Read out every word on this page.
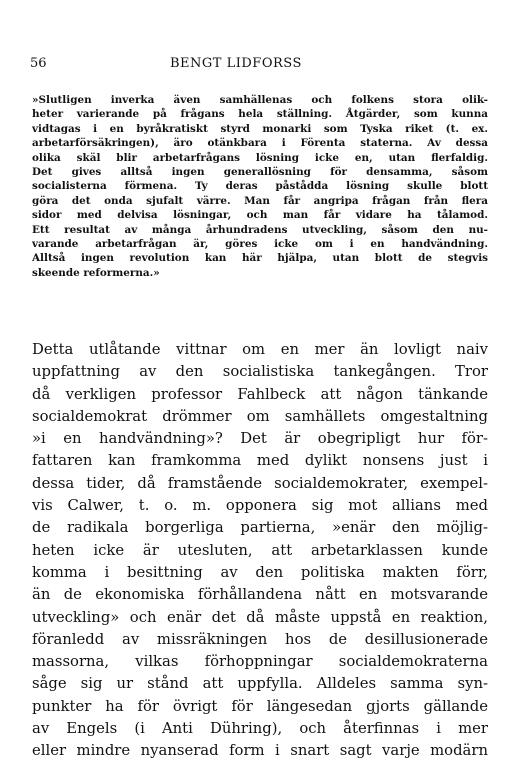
56	BENGT LIDFORSS
»Slutligen inverka även samhällenas och folkens stora olik-
heter varierande på frågans hela ställning. Åtgärder, som kunna
vidtagas i en byråkratiskt styrd monarki som Tyska riket (t. ex.
arbetarförsäkringen), äro otänkbara i Förenta staterna. Av dessa
olika skäl blir arbetarfrågans lösning icke en, utan flerfaldig.
Det gives alltså ingen generallösning för densamma, såsom
socialisterna förmena. Ty deras påstådda lösning skulle blott
göra det onda sjufalt värre. Man får angripa frågan från flera
sidor med delvisa lösningar, och man får vidare ha tålamod.
Ett resultat av många århundradens utveckling, såsom den nu-
varande arbetarfrågan är, göres icke om i en handvändning.
Alltså ingen revolution kan här hjälpa, utan blott de stegvis
skeende reformerna.»
Detta utlåtande vittnar om en mer än lovligt naiv
uppfattning av den socialistiska tankegången. Tror
då verkligen professor Fahlbeck att någon tänkande
socialdemokrat drömmer om samhällets omgestaltning
»i en handvändning»? Det är obegripligt hur för-
fattaren kan framkomma med dylikt nonsens just i
dessa tider, då framstående socialdemokrater, exempel-
vis Calwer, t. o. m. opponera sig mot allians med
de radikala borgerliga partierna, »enär den möjlig-
heten icke är utesluten, att arbetarklassen kunde
komma i besittning av den politiska makten förr,
än de ekonomiska förhållandena nått en motsvarande
utveckling» och enär det då måste uppstå en reaktion,
föranledd av missräkningen hos de desillusionerade
massorna, vilkas förhoppningar socialdemokraterna
såge sig ur stånd att uppfylla. Alldeles samma syn-
punkter ha för övrigt för längesedan gjorts gällande
av Engels (i Anti Dühring), och återfinnas i mer
eller mindre nyanserad form i snart sagt varje modärn
